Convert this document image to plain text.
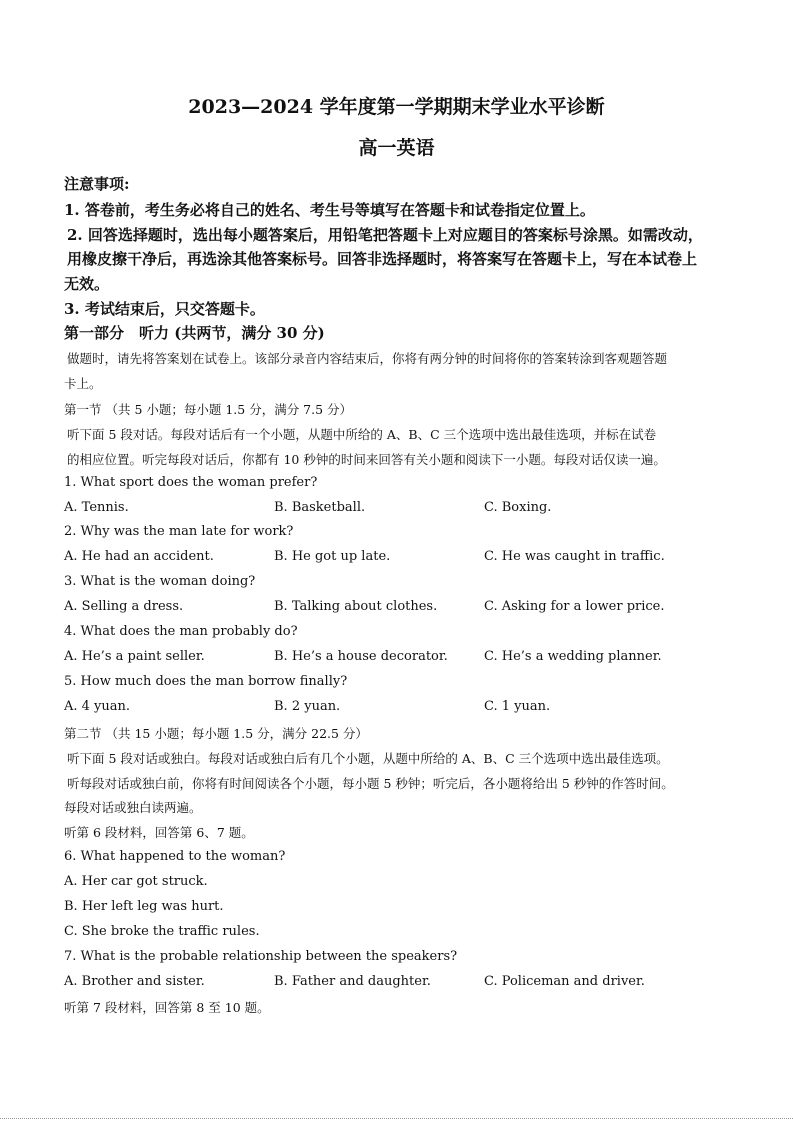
2023—2024 学年度第一学期期末学业水平诊断
高一英语
注意事项:
1. 答卷前，考生务必将自己的姓名、考生号等填写在答题卡和试卷指定位置上。
2. 回答选择题时，选出每小题答案后，用铅笔把答题卡上对应题目的答案标号涂黑。如需改动，
用橡皮擦干净后，再选涂其他答案标号。回答非选择题时，将答案写在答题卡上，写在本试卷上
无效。
3. 考试结束后，只交答题卡。
第一部分　听力 (共两节，满分 30 分)
做题时，请先将答案划在试卷上。该部分录音内容结束后，你将有两分钟的时间将你的答案转涂到客观题答题
卡上。
第一节 （共 5 小题；每小题 1.5 分，满分 7.5 分）
听下面 5 段对话。每段对话后有一个小题，从题中所给的 A、B、C 三个选项中选出最佳选项，并标在试卷
的相应位置。听完每段对话后，你都有 10 秒钟的时间来回答有关小题和阅读下一小题。每段对话仅读一遍。
1. What sport does the woman prefer?
A. Tennis.	B. Basketball.	C. Boxing.
2. Why was the man late for work?
A. He had an accident.	B. He got up late.	C. He was caught in traffic.
3. What is the woman doing?
A. Selling a dress.	B. Talking about clothes.	C. Asking for a lower price.
4. What does the man probably do?
A. He’s a paint seller.	B. He’s a house decorator.	C. He’s a wedding planner.
5. How much does the man borrow finally?
A. 4 yuan.	B. 2 yuan.	C. 1 yuan.
第二节 （共 15 小题；每小题 1.5 分，满分 22.5 分）
听下面 5 段对话或独白。每段对话或独白后有几个小题，从题中所给的 A、B、C 三个选项中选出最佳选项。
听每段对话或独白前，你将有时间阅读各个小题，每小题 5 秒钟；听完后，各小题将给出 5 秒钟的作答时间。
每段对话或独白读两遍。
听第 6 段材料，回答第 6、7 题。
6. What happened to the woman?
A. Her car got struck.
B. Her left leg was hurt.
C. She broke the traffic rules.
7. What is the probable relationship between the speakers?
A. Brother and sister.	B. Father and daughter.	C. Policeman and driver.
听第 7 段材料，回答第 8 至 10 题。
